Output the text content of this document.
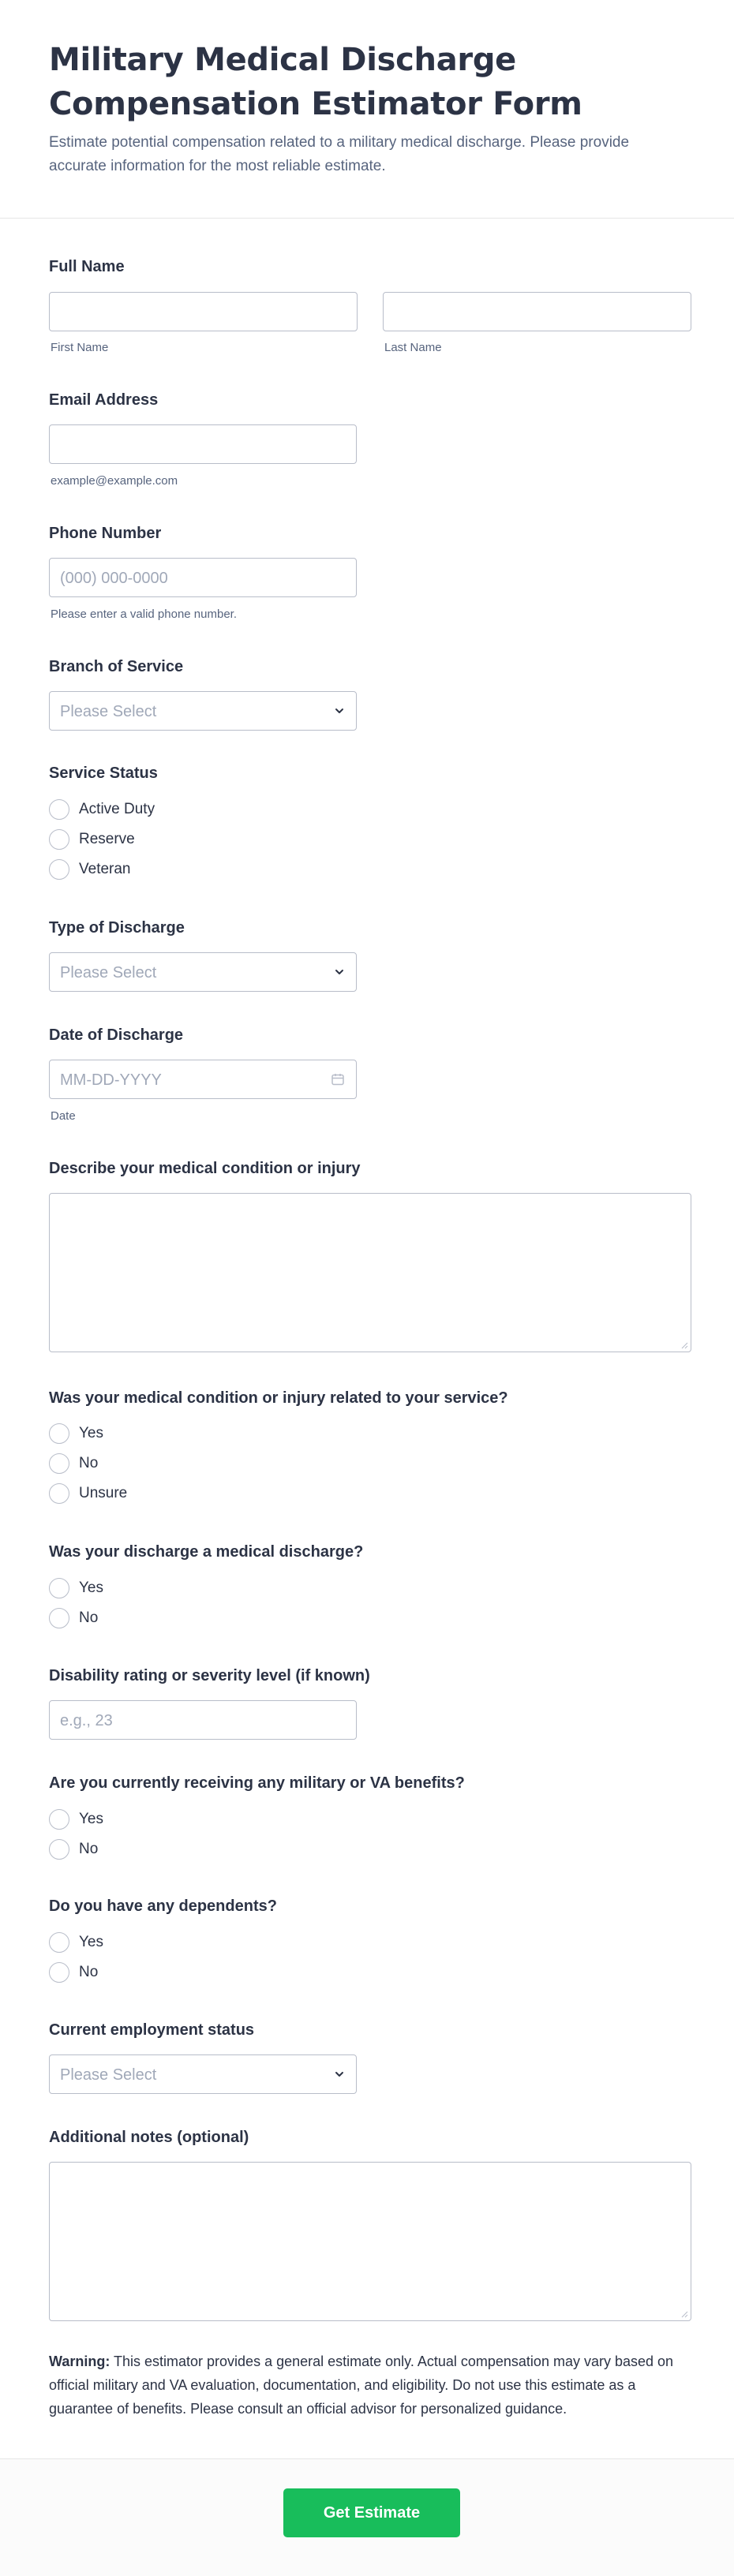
Military Medical Discharge Compensation Estimator Form

Estimate potential compensation related to a military medical discharge. Please provide accurate information for the most reliable estimate.

Full Name
First Name	Last Name
Email Address
example@example.com
Phone Number
(000) 000-0000
Please enter a valid phone number.
Branch of Service
Please Select
Service Status
Active Duty
Reserve
Veteran
Type of Discharge
Please Select
Date of Discharge
MM-DD-YYYY
Date
Describe your medical condition or injury
Was your medical condition or injury related to your service?
Yes
No
Unsure
Was your discharge a medical discharge?
Yes
No
Disability rating or severity level (if known)
e.g., 23
Are you currently receiving any military or VA benefits?
Yes
No
Do you have any dependents?
Yes
No
Current employment status
Please Select
Additional notes (optional)

Warning: This estimator provides a general estimate only. Actual compensation may vary based on official military and VA evaluation, documentation, and eligibility. Do not use this estimate as a guarantee of benefits. Please consult an official advisor for personalized guidance.

Get Estimate
